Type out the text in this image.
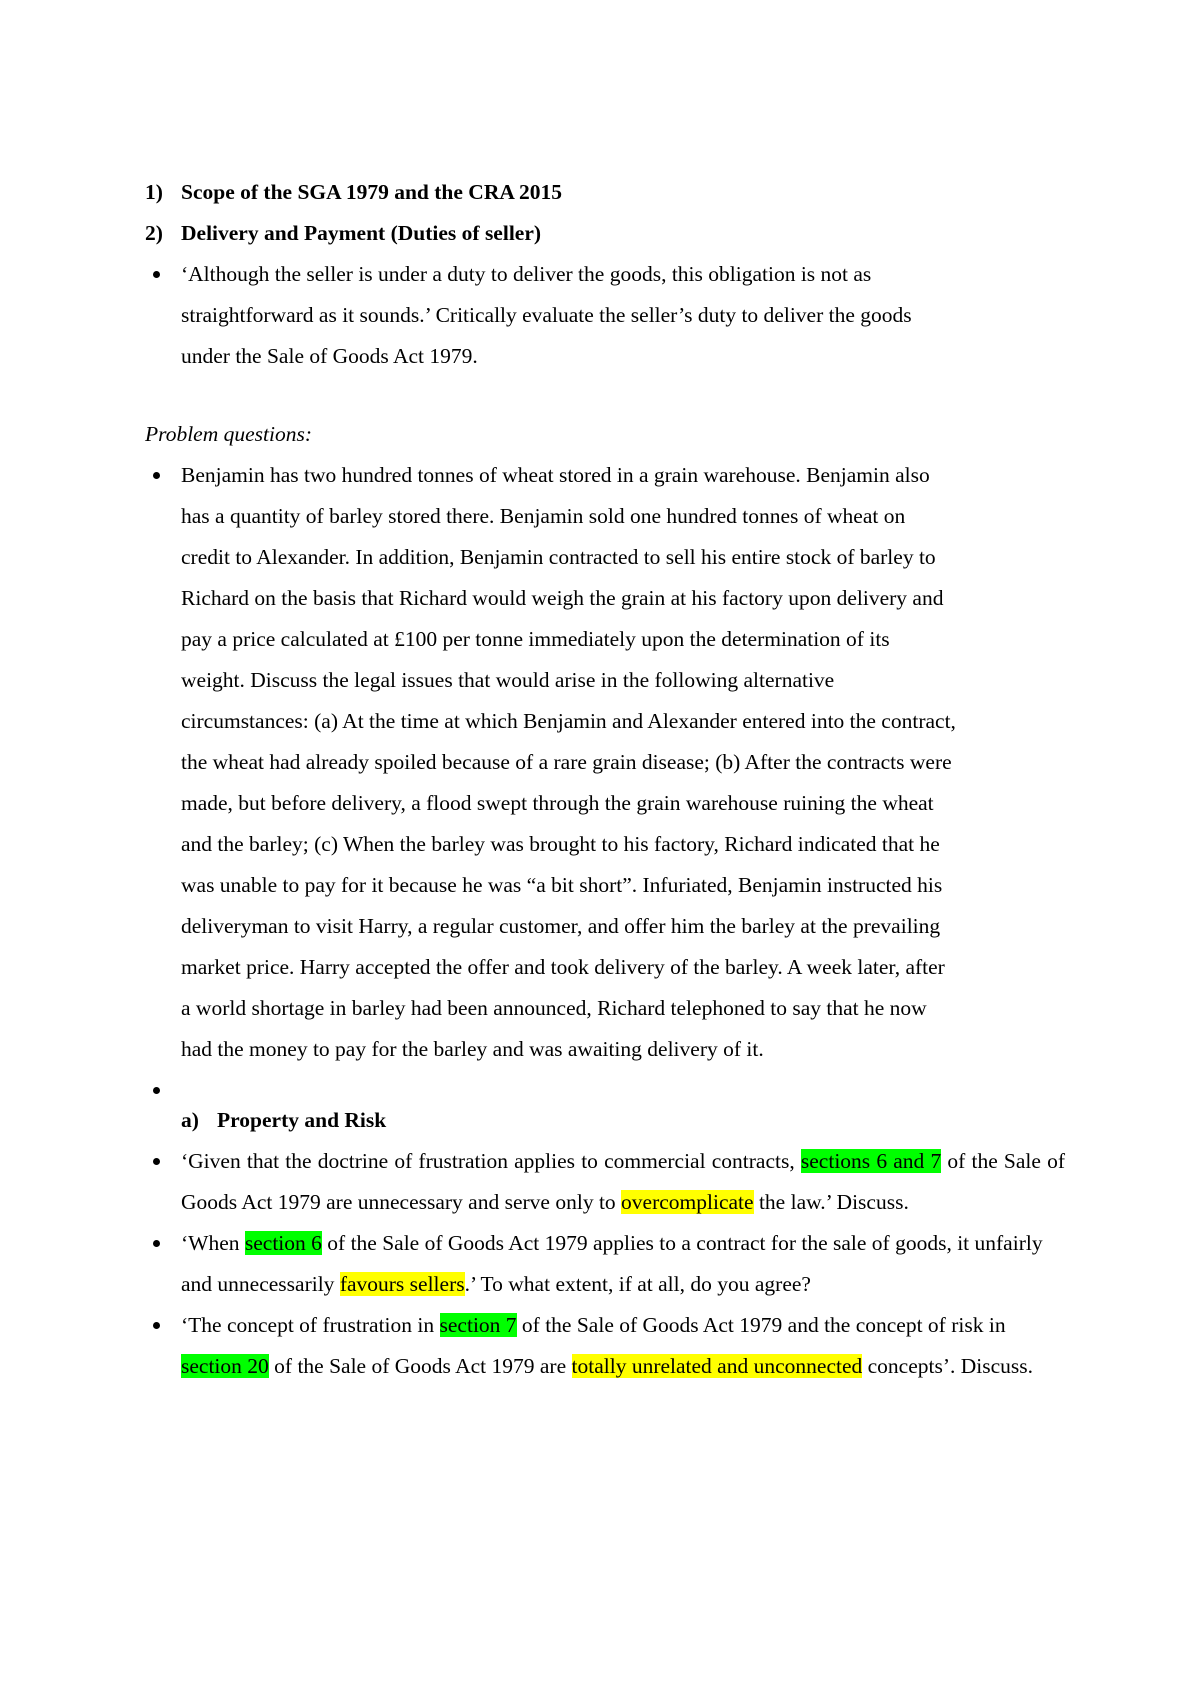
1) Scope of the SGA 1979 and the CRA 2015
2) Delivery and Payment (Duties of seller)
‘Although the seller is under a duty to deliver the goods, this obligation is not as
straightforward as it sounds.’ Critically evaluate the seller’s duty to deliver the goods
under the Sale of Goods Act 1979.
Problem questions:
Benjamin has two hundred tonnes of wheat stored in a grain warehouse. Benjamin also
has a quantity of barley stored there. Benjamin sold one hundred tonnes of wheat on
credit to Alexander. In addition, Benjamin contracted to sell his entire stock of barley to
Richard on the basis that Richard would weigh the grain at his factory upon delivery and
pay a price calculated at £100 per tonne immediately upon the determination of its
weight. Discuss the legal issues that would arise in the following alternative
circumstances: (a) At the time at which Benjamin and Alexander entered into the contract,
the wheat had already spoiled because of a rare grain disease; (b) After the contracts were
made, but before delivery, a flood swept through the grain warehouse ruining the wheat
and the barley; (c) When the barley was brought to his factory, Richard indicated that he
was unable to pay for it because he was “a bit short”. Infuriated, Benjamin instructed his
deliveryman to visit Harry, a regular customer, and offer him the barley at the prevailing
market price. Harry accepted the offer and took delivery of the barley. A week later, after
a world shortage in barley had been announced, Richard telephoned to say that he now
had the money to pay for the barley and was awaiting delivery of it.
a) Property and Risk
‘Given that the doctrine of frustration applies to commercial contracts, sections 6 and 7 of the Sale of Goods Act 1979 are unnecessary and serve only to overcomplicate the law.’ Discuss.
‘When section 6 of the Sale of Goods Act 1979 applies to a contract for the sale of goods, it unfairly and unnecessarily favours sellers.’ To what extent, if at all, do you agree?
‘The concept of frustration in section 7 of the Sale of Goods Act 1979 and the concept of risk in section 20 of the Sale of Goods Act 1979 are totally unrelated and unconnected concepts’. Discuss.
